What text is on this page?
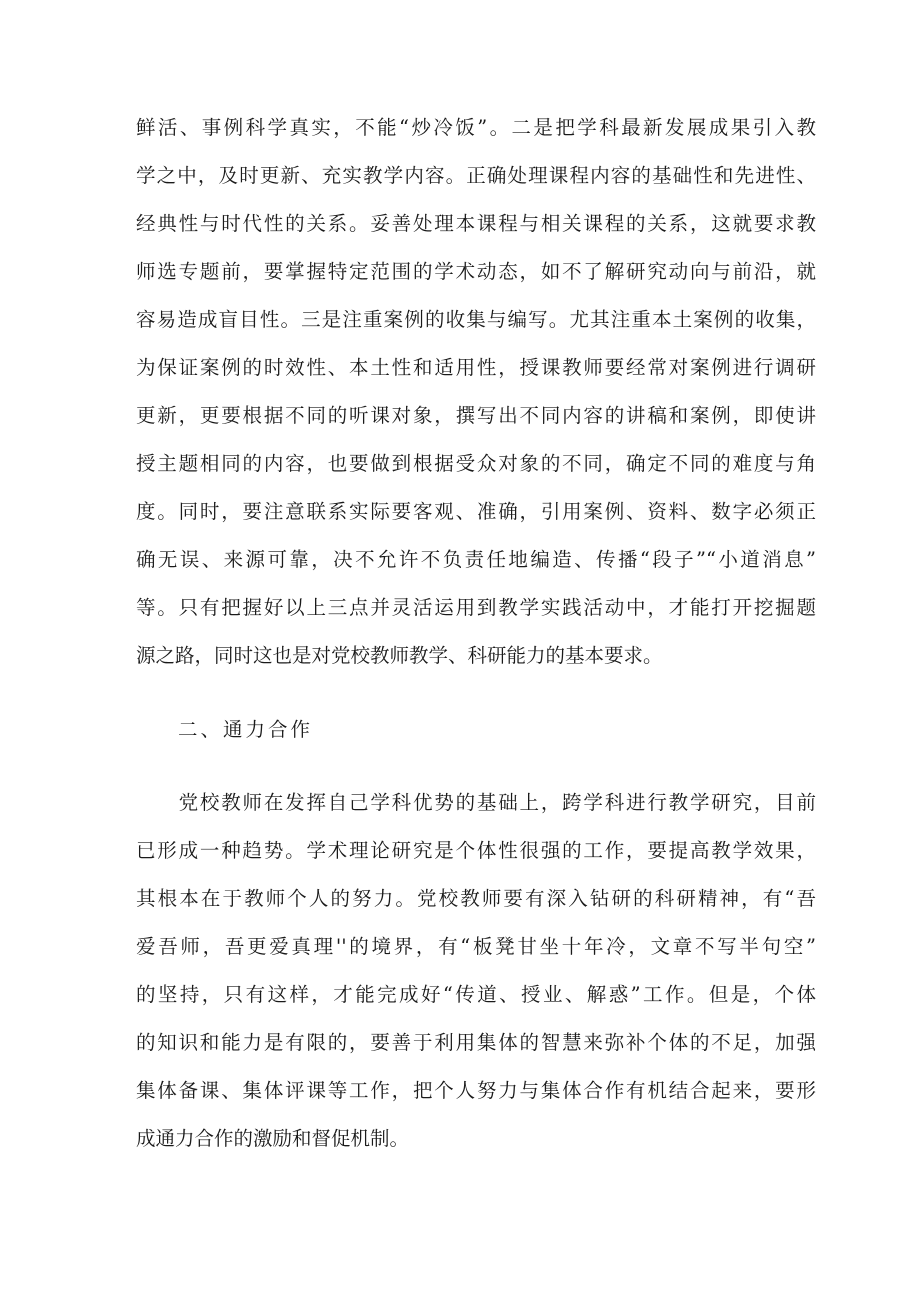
鲜活、事例科学真实，不能“炒冷饭”。二是把学科最新发展成果引入教
学之中，及时更新、充实教学内容。正确处理课程内容的基础性和先进性、
经典性与时代性的关系。妥善处理本课程与相关课程的关系，这就要求教
师选专题前，要掌握特定范围的学术动态，如不了解研究动向与前沿，就
容易造成盲目性。三是注重案例的收集与编写。尤其注重本土案例的收集，
为保证案例的时效性、本土性和适用性，授课教师要经常对案例进行调研
更新，更要根据不同的听课对象，撰写出不同内容的讲稿和案例，即使讲
授主题相同的内容，也要做到根据受众对象的不同，确定不同的难度与角
度。同时，要注意联系实际要客观、准确，引用案例、资料、数字必须正
确无误、来源可靠，决不允许不负责任地编造、传播“段子”“小道消息”
等。只有把握好以上三点并灵活运用到教学实践活动中，才能打开挖掘题
源之路，同时这也是对党校教师教学、科研能力的基本要求。
二、通力合作
　　党校教师在发挥自己学科优势的基础上，跨学科进行教学研究，目前
已形成一种趋势。学术理论研究是个体性很强的工作，要提高教学效果，
其根本在于教师个人的努力。党校教师要有深入钻研的科研精神，有“吾
爱吾师，吾更爱真理''的境界，有“板凳甘坐十年冷，文章不写半句空”
的坚持，只有这样，才能完成好“传道、授业、解惑”工作。但是，个体
的知识和能力是有限的，要善于利用集体的智慧来弥补个体的不足，加强
集体备课、集体评课等工作，把个人努力与集体合作有机结合起来，要形
成通力合作的激励和督促机制。
